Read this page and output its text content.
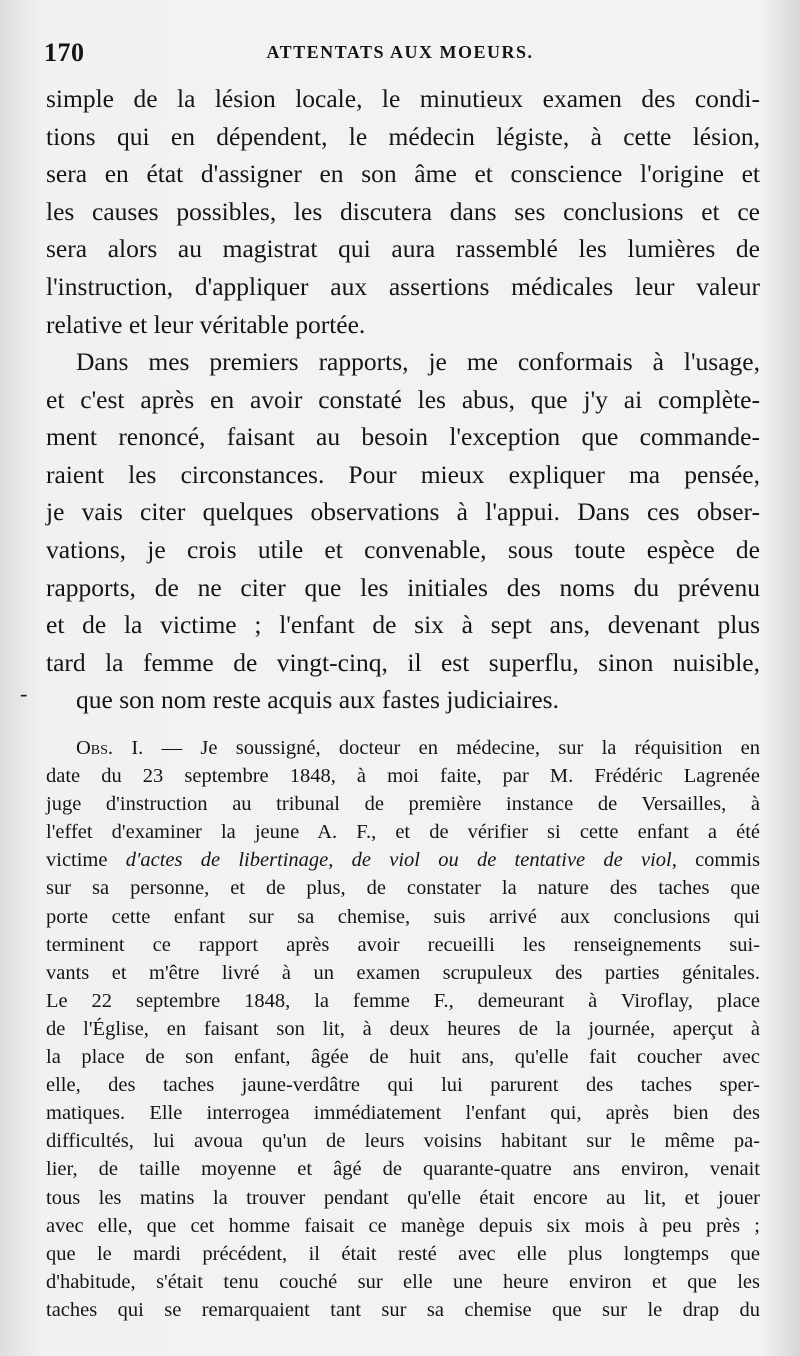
170	ATTENTATS AUX MOEURS.
simple de la lésion locale, le minutieux examen des condi-
tions qui en dépendent, le médecin légiste, à cette lésion,
sera en état d'assigner en son âme et conscience l'origine et
les causes possibles, les discutera dans ses conclusions et ce
sera alors au magistrat qui aura rassemblé les lumières de
l'instruction, d'appliquer aux assertions médicales leur valeur
relative et leur véritable portée.
Dans mes premiers rapports, je me conformais à l'usage,
et c'est après en avoir constaté les abus, que j'y ai complète-
ment renoncé, faisant au besoin l'exception que commande-
raient les circonstances. Pour mieux expliquer ma pensée,
je vais citer quelques observations à l'appui. Dans ces obser-
vations, je crois utile et convenable, sous toute espèce de
rapports, de ne citer que les initiales des noms du prévenu
et de la victime ; l'enfant de six à sept ans, devenant plus
tard la femme de vingt-cinq, il est superflu, sinon nuisible,
que son nom reste acquis aux fastes judiciaires.
-
Obs. I. — Je soussigné, docteur en médecine, sur la réquisition en
date du 23 septembre 1848, à moi faite, par M. Frédéric Lagrenée
juge d'instruction au tribunal de première instance de Versailles, à
l'effet d'examiner la jeune A. F., et de vérifier si cette enfant a été
victime d'actes de libertinage, de viol ou de tentative de viol, commis
sur sa personne, et de plus, de constater la nature des taches que
porte cette enfant sur sa chemise, suis arrivé aux conclusions qui
terminent ce rapport après avoir recueilli les renseignements sui-
vants et m'être livré à un examen scrupuleux des parties génitales.
Le 22 septembre 1848, la femme F., demeurant à Viroflay, place
de l'Église, en faisant son lit, à deux heures de la journée, aperçut à
la place de son enfant, âgée de huit ans, qu'elle fait coucher avec
elle, des taches jaune-verdâtre qui lui parurent des taches sper-
matiques. Elle interrogea immédiatement l'enfant qui, après bien des
difficultés, lui avoua qu'un de leurs voisins habitant sur le même pa-
lier, de taille moyenne et âgé de quarante-quatre ans environ, venait
tous les matins la trouver pendant qu'elle était encore au lit, et jouer
avec elle, que cet homme faisait ce manège depuis six mois à peu près ;
que le mardi précédent, il était resté avec elle plus longtemps que
d'habitude, s'était tenu couché sur elle une heure environ et que les
taches qui se remarquaient tant sur sa chemise que sur le drap du
